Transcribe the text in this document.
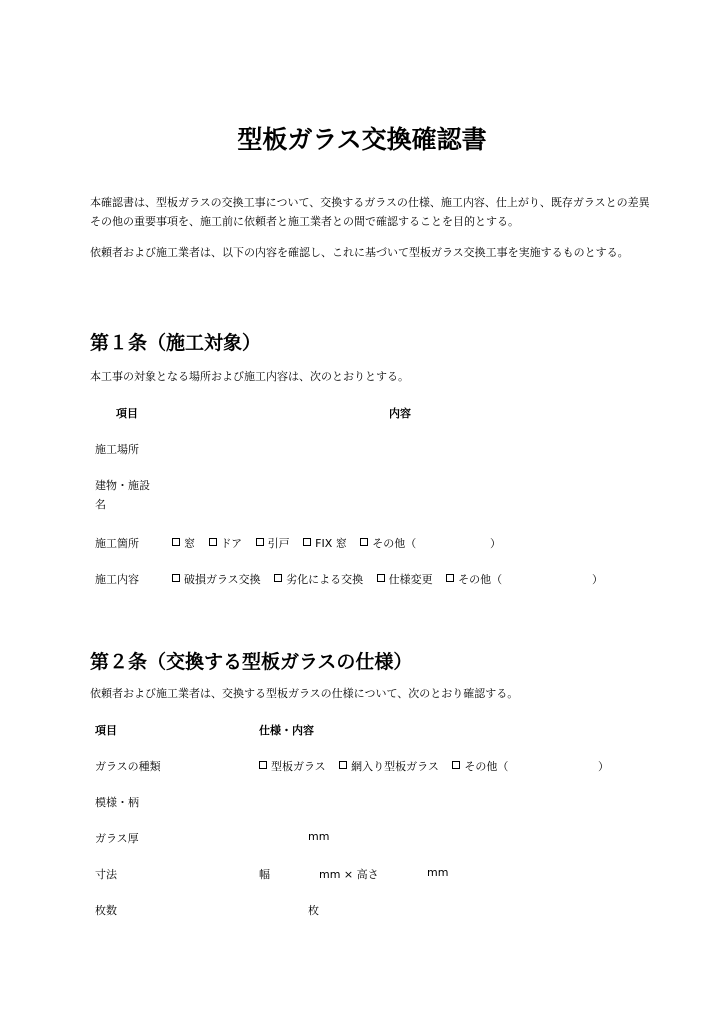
型板ガラス交換確認書
本確認書は、型板ガラスの交換工事について、交換するガラスの仕様、施工内容、仕上がり、既存ガラスとの差異その他の重要事項を、施工前に依頼者と施工業者との間で確認することを目的とする。
依頼者および施工業者は、以下の内容を確認し、これに基づいて型板ガラス交換工事を実施するものとする。
第１条（施工対象）
本工事の対象となる場所および施工内容は、次のとおりとする。
項目	内容
施工場所
建物・施設
名
施工箇所	窓 ドア 引戸 FIX 窓 その他（	）
施工内容	破損ガラス交換 劣化による交換 仕様変更 その他（	）
第２条（交換する型板ガラスの仕様）
依頼者および施工業者は、交換する型板ガラスの仕様について、次のとおり確認する。
項目	仕様・内容
ガラスの種類	型板ガラス 網入り型板ガラス その他（	）
模様・柄
ガラス厚	mm
寸法	幅	mm × 高さ	mm
枚数	枚
